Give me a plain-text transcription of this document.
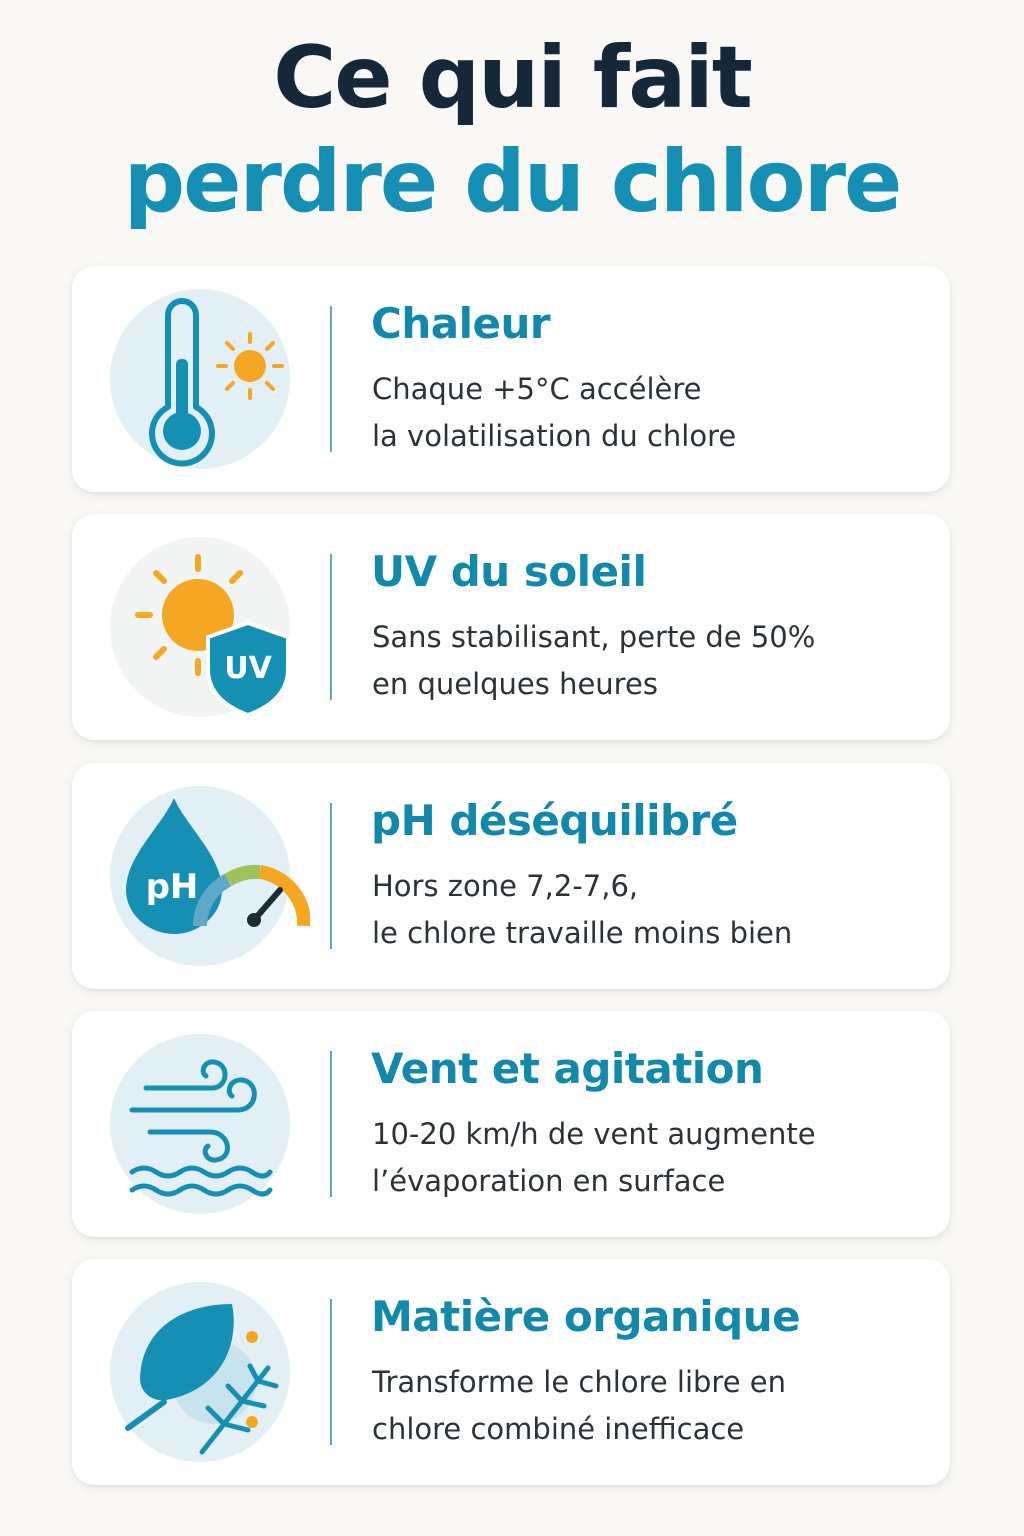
Ce qui fait
perdre du chlore
Chaleur

Chaque +5°C accélère
la volatilisation du chlore

UV
UV du soleil

Sans stabilisant, perte de 50%
en quelques heures

pH
pH déséquilibré

Hors zone 7,2-7,6,
le chlore travaille moins bien

Vent et agitation

10-20 km/h de vent augmente
l’évaporation en surface

Matière organique

Transforme le chlore libre en
chlore combiné inefficace
